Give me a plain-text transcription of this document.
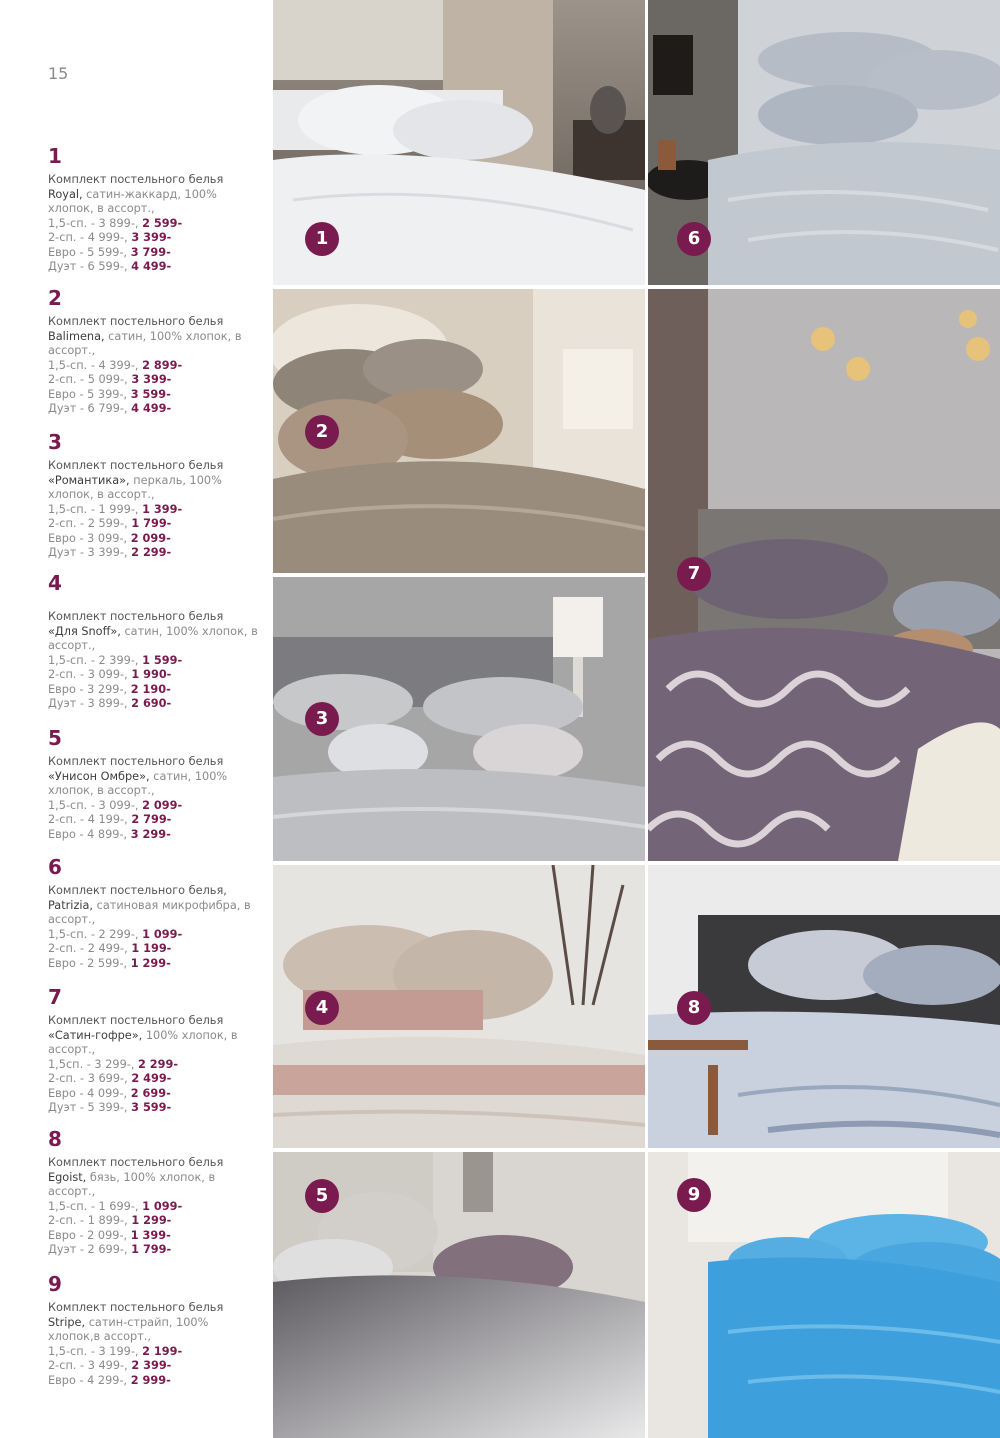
15
1
Комплект постельного белья
Royal, сатин-жаккард, 100% хлопок, в ассорт.,
1,5-сп. - 3 899-, 2 599-
2-сп. - 4 999-, 3 399-
Евро - 5 599-, 3 799-
Дуэт - 6 599-, 4 499-
2
Комплект постельного белья
Balimena, сатин, 100% хлопок, в ассорт.,
1,5-сп. - 4 399-, 2 899-
2-сп. - 5 099-, 3 399-
Евро - 5 399-, 3 599-
Дуэт - 6 799-, 4 499-
3
Комплект постельного белья
«Романтика», перкаль, 100% хлопок, в ассорт.,
1,5-сп. - 1 999-, 1 399-
2-сп. - 2 599-, 1 799-
Евро - 3 099-, 2 099-
Дуэт - 3 399-, 2 299-
4
Комплект постельного белья
«Для Snoff», сатин, 100% хлопок, в ассорт.,
1,5-сп. - 2 399-, 1 599-
2-сп. - 3 099-, 1 990-
Евро - 3 299-, 2 190-
Дуэт - 3 899-, 2 690-
5
Комплект постельного белья
«Унисон Омбре», сатин, 100% хлопок, в ассорт.,
1,5-сп. - 3 099-, 2 099-
2-сп. - 4 199-, 2 799-
Евро - 4 899-, 3 299-
6
Комплект постельного белья,
Patrizia, сатиновая микрофибра, в ассорт.,
1,5-сп. - 2 299-, 1 099-
2-сп. - 2 499-, 1 199-
Евро - 2 599-, 1 299-
7
Комплект постельного белья
«Сатин-гофре», 100% хлопок, в ассорт.,
1,5сп. - 3 299-, 2 299-
2-сп. - 3 699-, 2 499-
Евро - 4 099-, 2 699-
Дуэт - 5 399-, 3 599-
8
Комплект постельного белья
Egoist, бязь, 100% хлопок, в ассорт.,
1,5-сп. - 1 699-, 1 099-
2-сп. - 1 899-, 1 299-
Евро - 2 099-, 1 399-
Дуэт - 2 699-, 1 799-
9
Комплект постельного белья
Stripe, сатин-страйп, 100% хлопок,в ассорт.,
1,5-сп. - 3 199-, 2 199-
2-сп. - 3 499-, 2 399-
Евро - 4 299-, 2 999-
1	6
2
7
3
4	8
5	9
